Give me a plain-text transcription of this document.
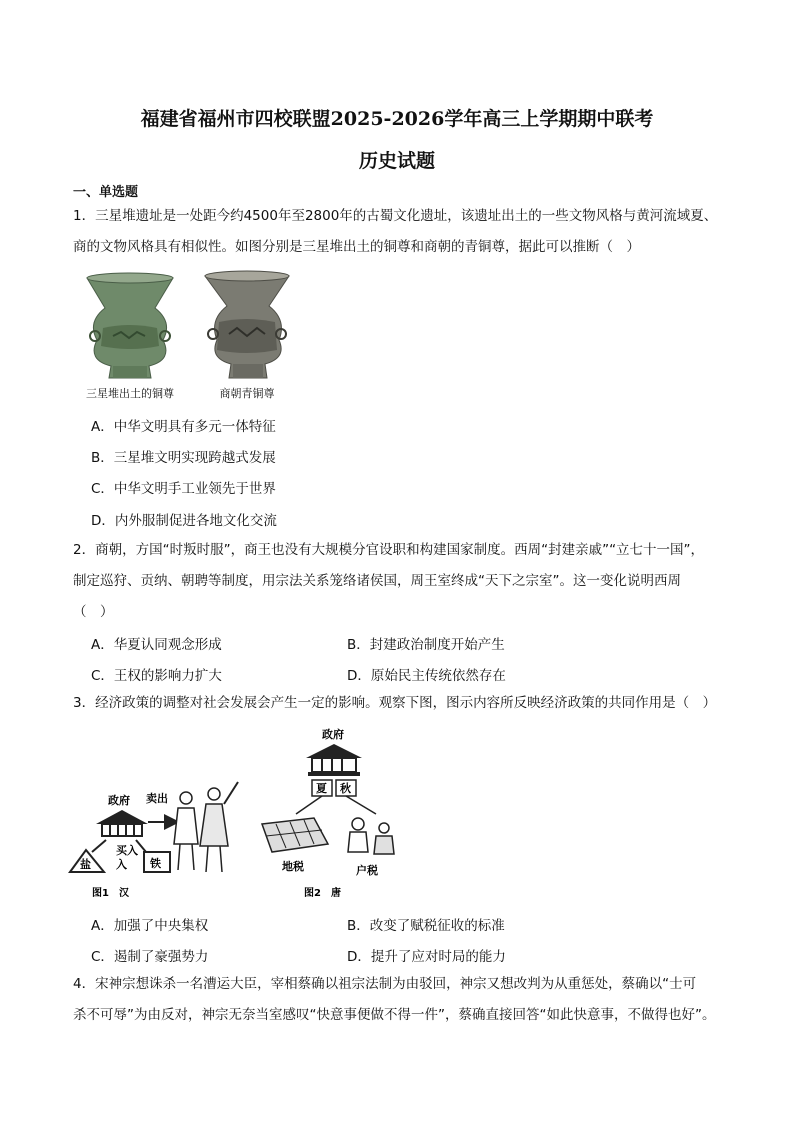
福建省福州市四校联盟2025-2026学年高三上学期期中联考
历史试题
一、单选题
1．三星堆遗址是一处距今约4500年至2800年的古蜀文化遗址，该遗址出土的一些文物风格与黄河流域夏、
商的文物风格具有相似性。如图分别是三星堆出土的铜尊和商朝的青铜尊，据此可以推断（　）
三星堆出土的铜尊	商朝青铜尊
A．中华文明具有多元一体特征
B．三星堆文明实现跨越式发展
C．中华文明手工业领先于世界
D．内外服制促进各地文化交流
2．商朝，方国“时叛时服”，商王也没有大规模分官设职和构建国家制度。西周“封建亲戚”“立七十一国”，
制定巡狩、贡纳、朝聘等制度，用宗法关系笼络诸侯国，周王室终成“天下之宗室”。这一变化说明西周
（　）
A．华夏认同观念形成	B．封建政治制度开始产生
C．王权的影响力扩大	D．原始民主传统依然存在
3．经济政策的调整对社会发展会产生一定的影响。观察下图，图示内容所反映经济政策的共同作用是（　）
政府 卖出
买入
入
盐	铁
图1　汉
政府
夏 秋
地税	户税
图2　唐
A．加强了中央集权	B．改变了赋税征收的标准
C．遏制了豪强势力	D．提升了应对时局的能力
4．宋神宗想诛杀一名漕运大臣，宰相蔡确以祖宗法制为由驳回，神宗又想改判为从重惩处，蔡确以“士可
杀不可辱”为由反对，神宗无奈当室感叹“快意事便做不得一件”，蔡确直接回答“如此快意事，不做得也好”。
